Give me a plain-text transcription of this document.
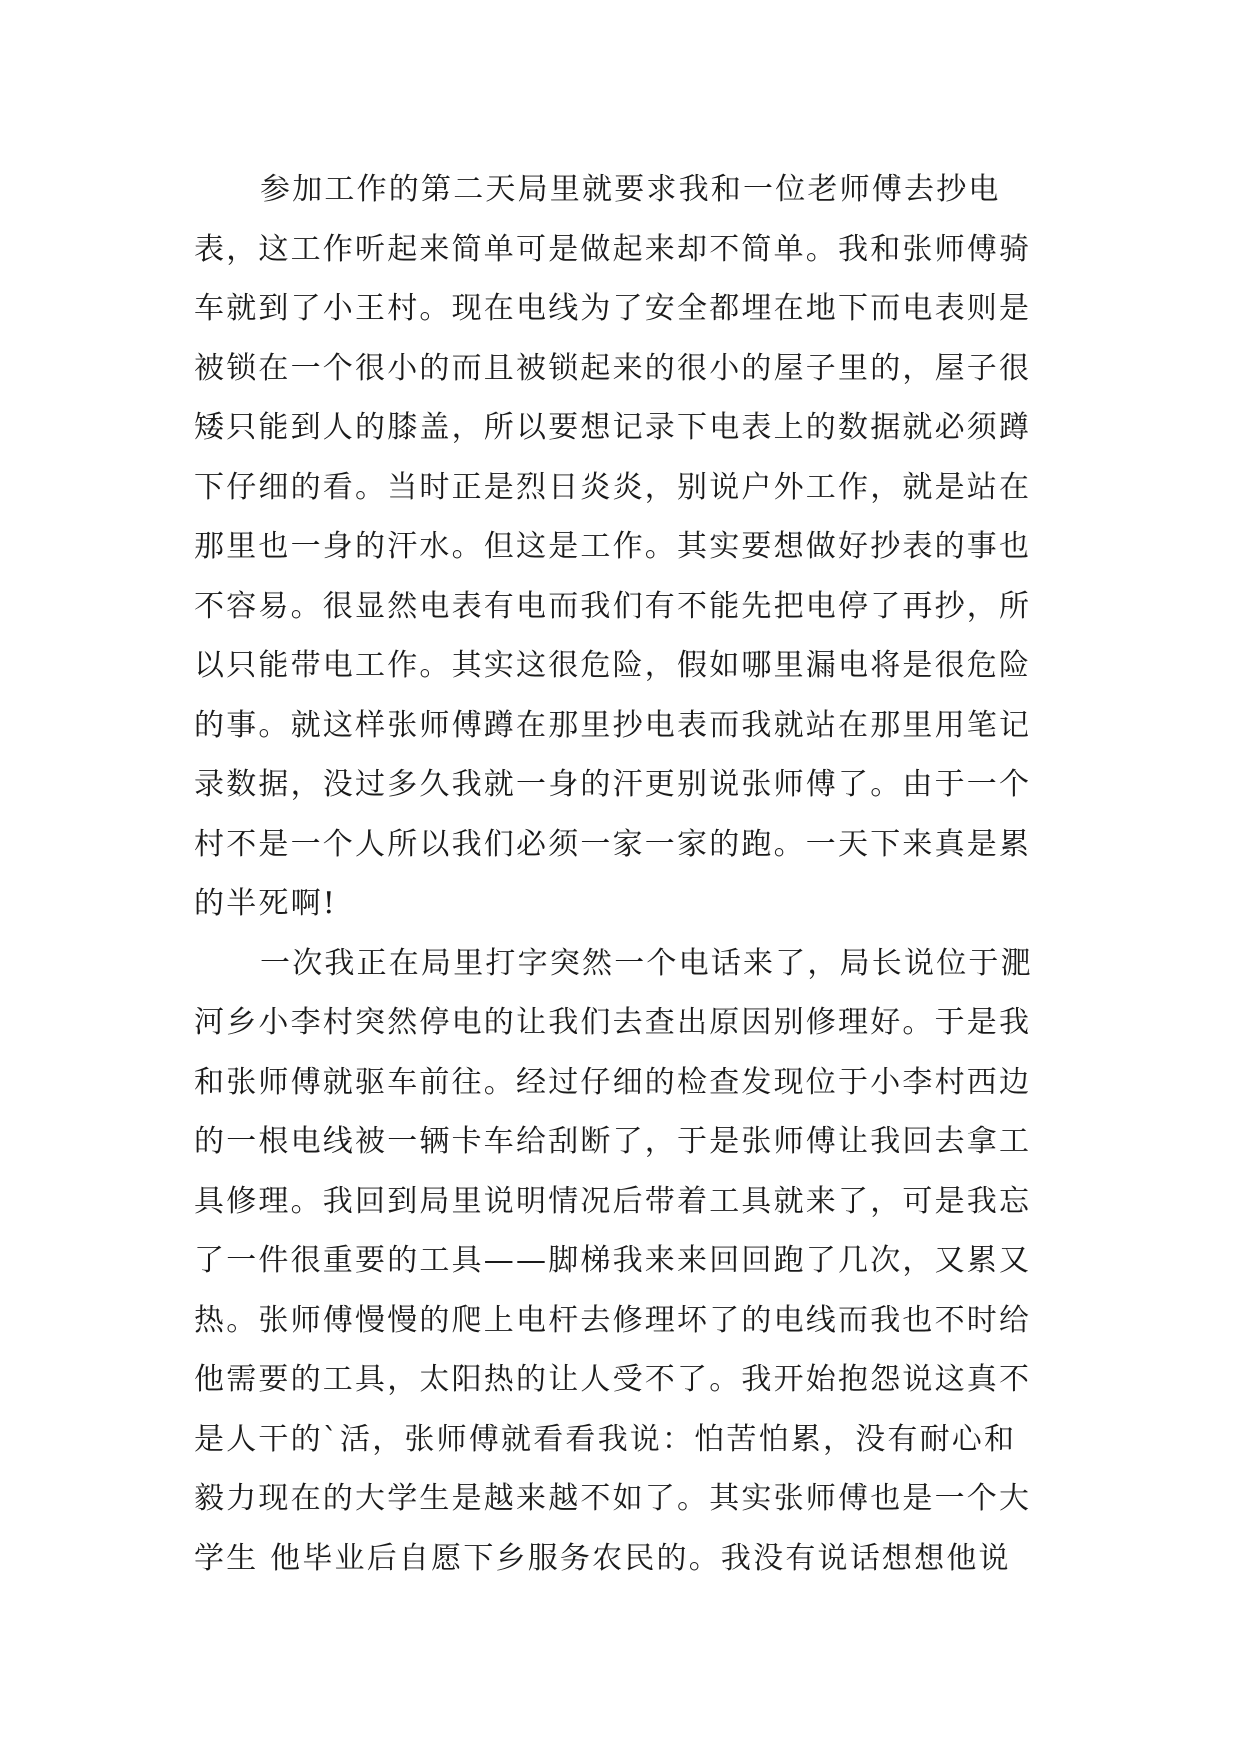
参加工作的第二天局里就要求我和一位老师傅去抄电
表，这工作听起来简单可是做起来却不简单。我和张师傅骑
车就到了小王村。现在电线为了安全都埋在地下而电表则是
被锁在一个很小的而且被锁起来的很小的屋子里的，屋子很
矮只能到人的膝盖，所以要想记录下电表上的数据就必须蹲
下仔细的看。当时正是烈日炎炎，别说户外工作，就是站在
那里也一身的汗水。但这是工作。其实要想做好抄表的事也
不容易。很显然电表有电而我们有不能先把电停了再抄，所
以只能带电工作。其实这很危险，假如哪里漏电将是很危险
的事。就这样张师傅蹲在那里抄电表而我就站在那里用笔记
录数据，没过多久我就一身的汗更别说张师傅了。由于一个
村不是一个人所以我们必须一家一家的跑。一天下来真是累
的半死啊!
一次我正在局里打字突然一个电话来了，局长说位于淝
河乡小李村突然停电的让我们去查出原因别修理好。于是我
和张师傅就驱车前往。经过仔细的检查发现位于小李村西边
的一根电线被一辆卡车给刮断了，于是张师傅让我回去拿工
具修理。我回到局里说明情况后带着工具就来了，可是我忘
了一件很重要的工具——脚梯我来来回回跑了几次，又累又
热。张师傅慢慢的爬上电杆去修理坏了的电线而我也不时给
他需要的工具，太阳热的让人受不了。我开始抱怨说这真不
是人干的`活，张师傅就看看我说：怕苦怕累，没有耐心和
毅力现在的大学生是越来越不如了。其实张师傅也是一个大
学生 他毕业后自愿下乡服务农民的。我没有说话想想他说
